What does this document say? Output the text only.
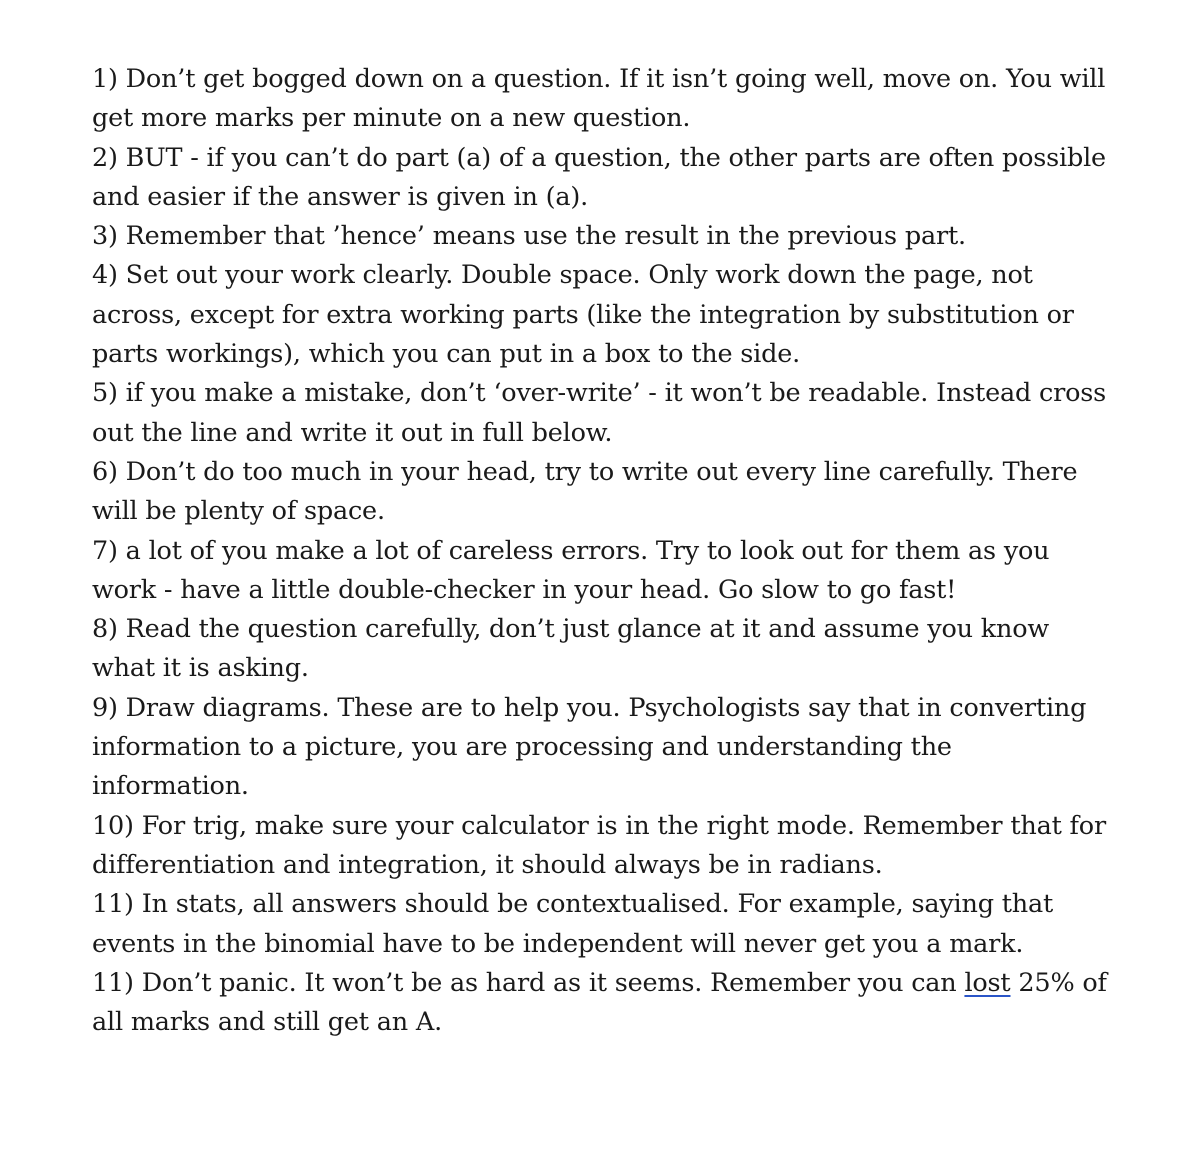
1) Don’t get bogged down on a question. If it isn’t going well, move on. You will get more marks per minute on a new question.

2) BUT - if you can’t do part (a) of a question, the other parts are often possible and easier if the answer is given in (a).

3) Remember that ’hence’ means use the result in the previous part.

4) Set out your work clearly. Double space. Only work down the page, not across, except for extra working parts (like the integration by substitution or parts workings), which you can put in a box to the side.

5) if you make a mistake, don’t ‘over-write’ - it won’t be readable. Instead cross out the line and write it out in full below.

6) Don’t do too much in your head, try to write out every line carefully. There will be plenty of space.

7) a lot of you make a lot of careless errors. Try to look out for them as you work - have a little double-checker in your head. Go slow to go fast!

8) Read the question carefully, don’t just glance at it and assume you know what it is asking.

9) Draw diagrams. These are to help you. Psychologists say that in converting information to a picture, you are processing and understanding the information.

10) For trig, make sure your calculator is in the right mode. Remember that for differentiation and integration, it should always be in radians.

11) In stats, all answers should be contextualised. For example, saying that events in the binomial have to be independent will never get you a mark.

11) Don’t panic. It won’t be as hard as it seems. Remember you can lost 25% of all marks and still get an A.
